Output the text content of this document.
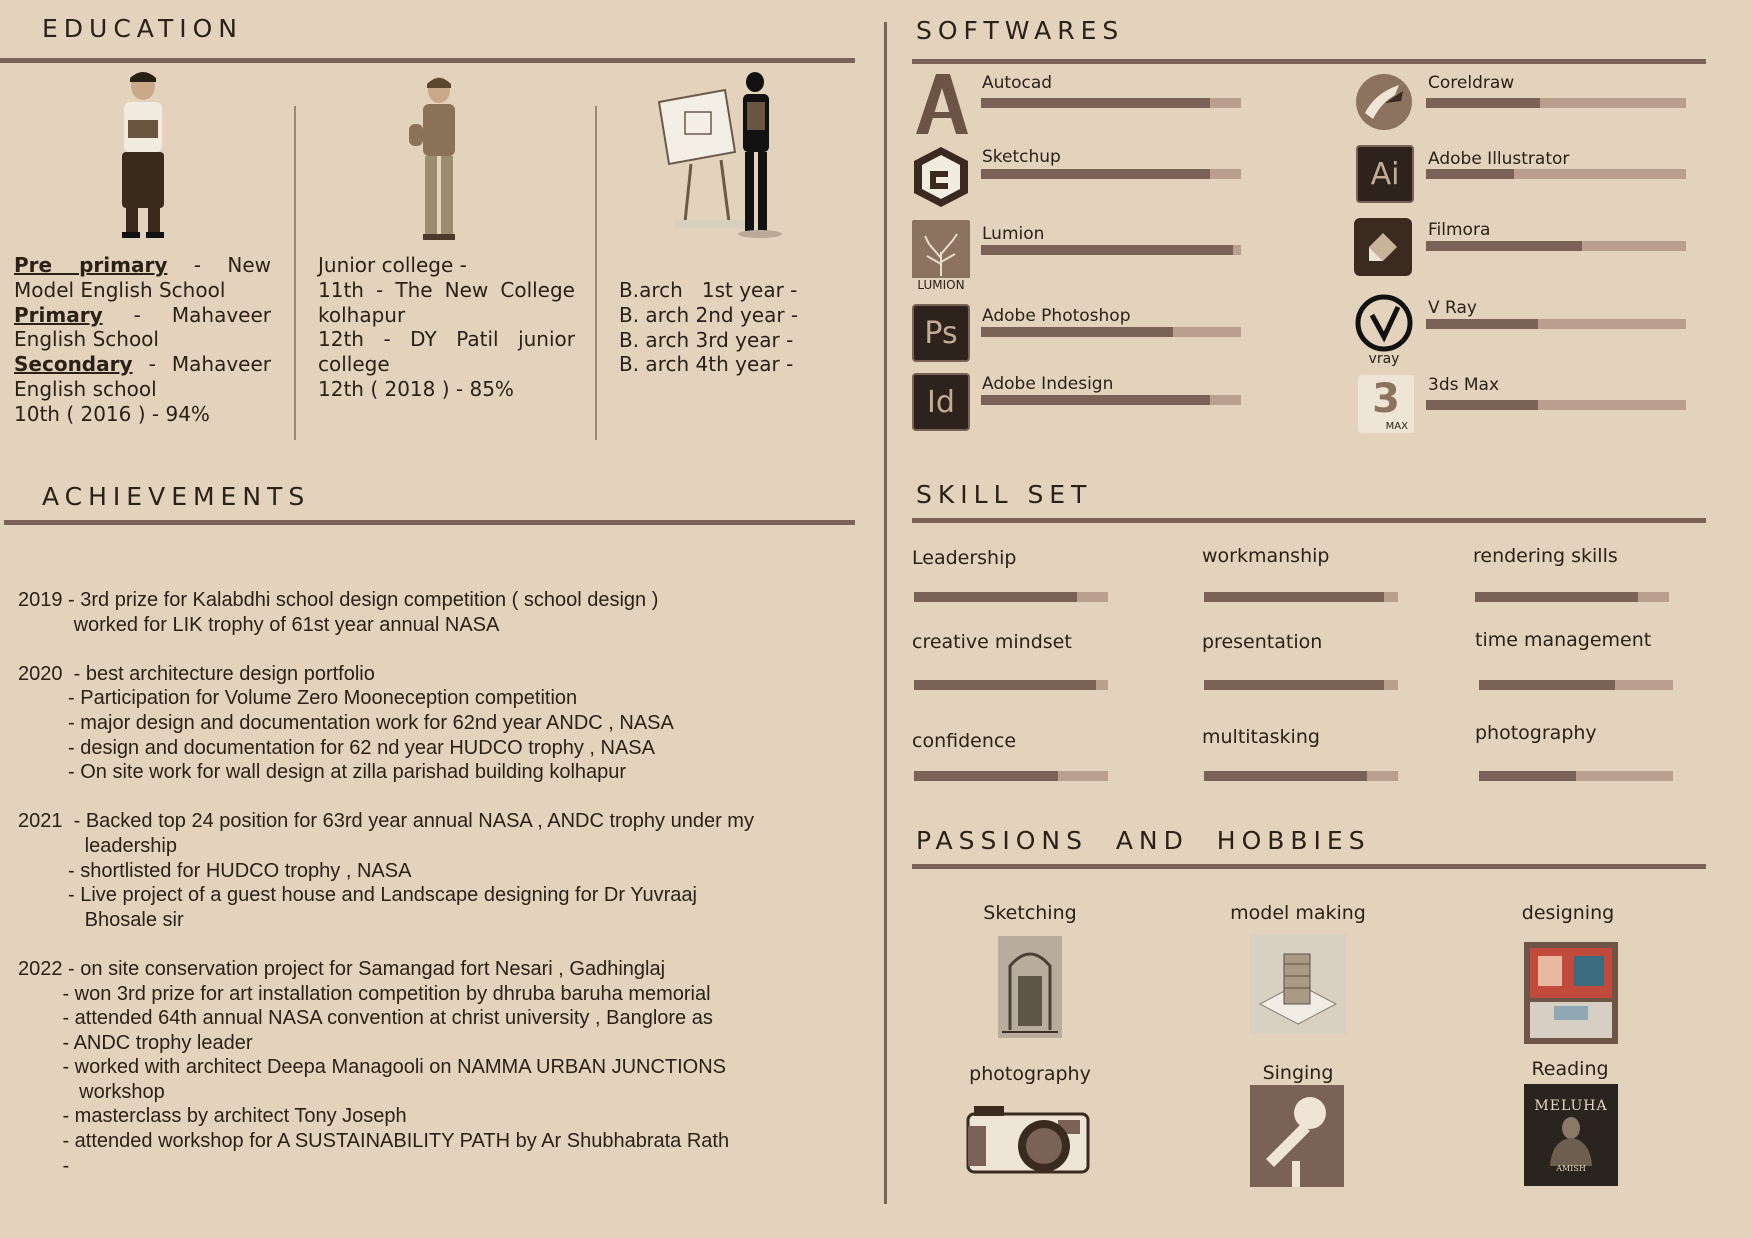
EDUCATION
Pre primary - New Model English School
Primary - Mahaveer English School
Secondary - Mahaveer English school
10th ( 2016 ) - 94%
Junior college -
11th - The New College kolhapur
12th - DY Patil junior college
12th ( 2018 ) - 85%
B.arch   1st year -
B. arch 2nd year -
B. arch 3rd year -
B. arch 4th year -
ACHIEVEMENTS
2019 - 3rd prize for Kalabdhi school design competition ( school design )
worked for LIK trophy of 61st year annual NASA
2020  - best architecture design portfolio
- Participation for Volume Zero Mooneception competition
- major design and documentation work for 62nd year ANDC , NASA
- design and documentation for 62 nd year HUDCO trophy , NASA
- On site work for wall design at zilla parishad building kolhapur
2021  - Backed top 24 position for 63rd year annual NASA , ANDC trophy under my
leadership
- shortlisted for HUDCO trophy , NASA
- Live project of a guest house and Landscape designing for Dr Yuvraaj
Bhosale sir
2022 - on site conservation project for Samangad fort Nesari , Gadhinglaj
- won 3rd prize for art installation competition by dhruba baruha memorial
- attended 64th annual NASA convention at christ university , Banglore as
- ANDC trophy leader
- worked with architect Deepa Managooli on NAMMA URBAN JUNCTIONS
workshop
- masterclass by architect Tony Joseph
- attended workshop for A SUSTAINABILITY PATH by Ar Shubhabrata Rath
-
SOFTWARES
LUMION
Ps
Id
Ai
vray
3
MAX
Autocad
Sketchup
Lumion
Adobe Photoshop
Adobe Indesign
Coreldraw
Adobe Illustrator
Filmora
V Ray
3ds Max
SKILL SET
Leadership	workmanship	rendering skills
creative mindset	presentation	time management
confidence	multitasking	photography
PASSIONS  AND  HOBBIES
Sketching	model making	designing
photography	Singing	Reading
MELUHA
AMISH
